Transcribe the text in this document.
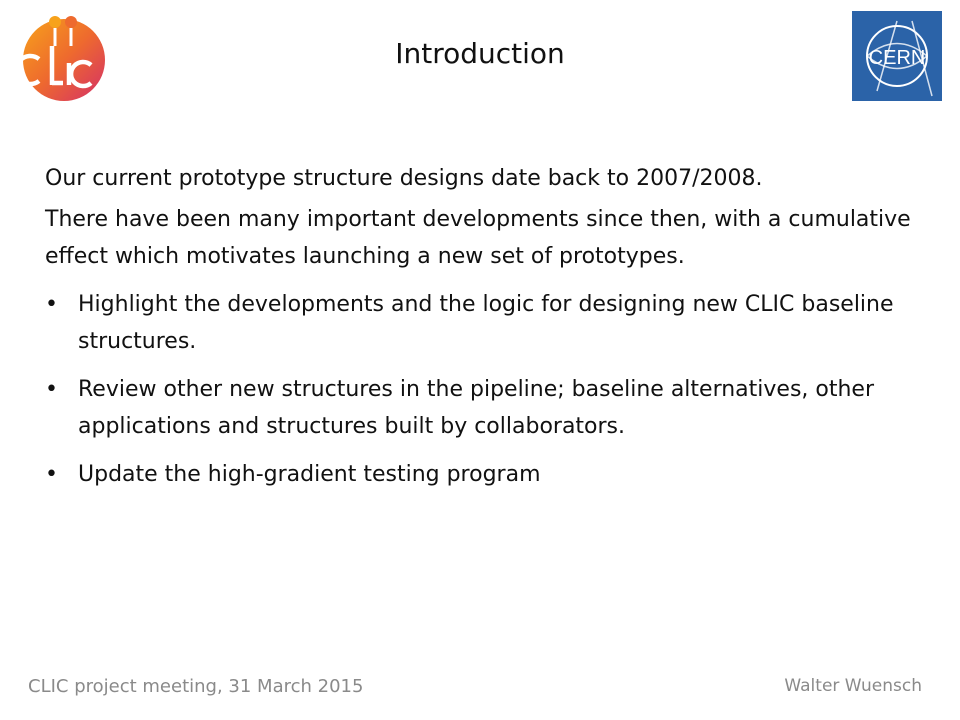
Introduction	CERN

Our current prototype structure designs date back to 2007/2008.

There have been many important developments since then, with a cumulative effect which motivates launching a new set of prototypes.

• Highlight the developments and the logic for designing new CLIC baseline structures.
• Review other new structures in the pipeline; baseline alternatives, other applications and structures built by collaborators.
• Update the high-gradient testing program
CLIC project meeting, 31 March 2015	Walter Wuensch
